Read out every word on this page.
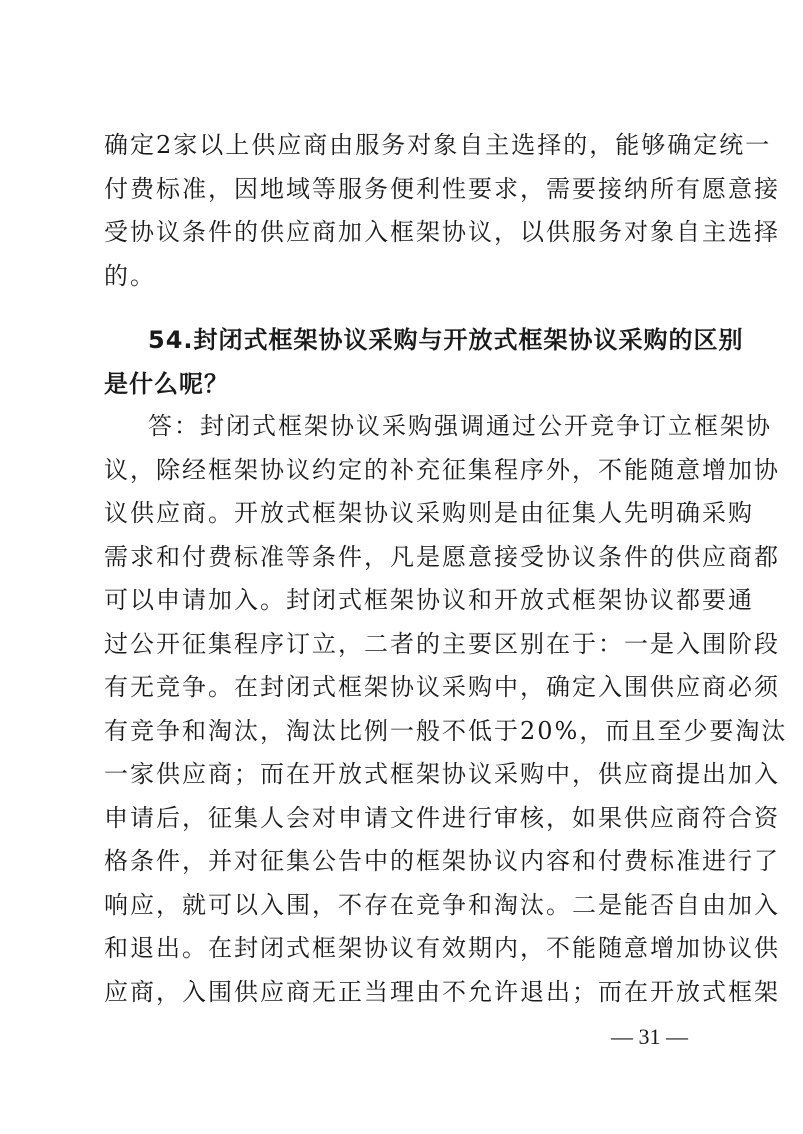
确定2家以上供应商由服务对象自主选择的，能够确定统一
付费标准，因地域等服务便利性要求，需要接纳所有愿意接
受协议条件的供应商加入框架协议，以供服务对象自主选择
的。
54.封闭式框架协议采购与开放式框架协议采购的区别
是什么呢？
答：封闭式框架协议采购强调通过公开竞争订立框架协
议，除经框架协议约定的补充征集程序外，不能随意增加协
议供应商。开放式框架协议采购则是由征集人先明确采购
需求和付费标准等条件，凡是愿意接受协议条件的供应商都
可以申请加入。封闭式框架协议和开放式框架协议都要通
过公开征集程序订立，二者的主要区别在于：一是入围阶段
有无竞争。在封闭式框架协议采购中，确定入围供应商必须
有竞争和淘汰，淘汰比例一般不低于20%，而且至少要淘汰
一家供应商；而在开放式框架协议采购中，供应商提出加入
申请后，征集人会对申请文件进行审核，如果供应商符合资
格条件，并对征集公告中的框架协议内容和付费标准进行了
响应，就可以入围，不存在竞争和淘汰。二是能否自由加入
和退出。在封闭式框架协议有效期内，不能随意增加协议供
应商，入围供应商无正当理由不允许退出；而在开放式框架
— 31 —
